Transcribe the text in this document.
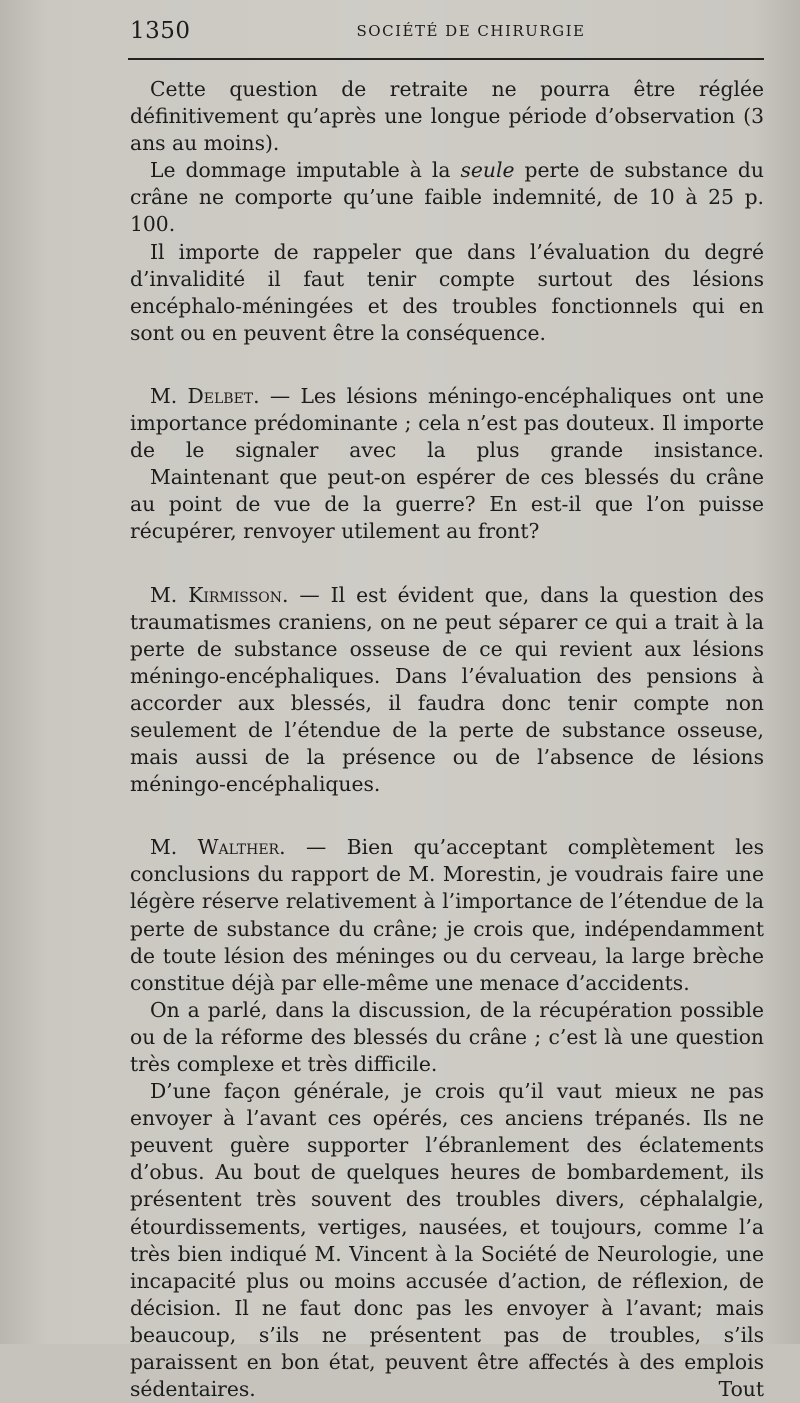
1350	SOCIÉTÉ DE CHIRURGIE

Cette question de retraite ne pourra être réglée définitivement qu’après une longue période d’observation (3 ans au moins).

Le dommage imputable à la seule perte de substance du crâne ne comporte qu’une faible indemnité, de 10 à 25 p. 100.

Il importe de rappeler que dans l’évaluation du degré d’invalidité il faut tenir compte surtout des lésions encéphalo-méningées et des troubles fonctionnels qui en sont ou en peuvent être la conséquence.

M. Delbet. — Les lésions méningo-encéphaliques ont une importance prédominante ; cela n’est pas douteux. Il importe de le signaler avec la plus grande insistance.

Maintenant que peut-on espérer de ces blessés du crâne au point de vue de la guerre? En est-il que l’on puisse récupérer, renvoyer utilement au front?

M. Kirmisson. — Il est évident que, dans la question des traumatismes craniens, on ne peut séparer ce qui a trait à la perte de substance osseuse de ce qui revient aux lésions méningo-encéphaliques. Dans l’évaluation des pensions à accorder aux blessés, il faudra donc tenir compte non seulement de l’étendue de la perte de substance osseuse, mais aussi de la présence ou de l’absence de lésions méningo-encéphaliques.

M. Walther. — Bien qu’acceptant complètement les conclusions du rapport de M. Morestin, je voudrais faire une légère réserve relativement à l’importance de l’étendue de la perte de substance du crâne; je crois que, indépendamment de toute lésion des méninges ou du cerveau, la large brèche constitue déjà par elle-même une menace d’accidents.

On a parlé, dans la discussion, de la récupération possible ou de la réforme des blessés du crâne ; c’est là une question très complexe et très difficile.

D’une façon générale, je crois qu’il vaut mieux ne pas envoyer à l’avant ces opérés, ces anciens trépanés. Ils ne peuvent guère supporter l’ébranlement des éclatements d’obus. Au bout de quelques heures de bombardement, ils présentent très souvent des troubles divers, céphalalgie, étourdissements, vertiges, nausées, et toujours, comme l’a très bien indiqué M. Vincent à la Société de Neurologie, une incapacité plus ou moins accusée d’action, de réflexion, de décision. Il ne faut donc pas les envoyer à l’avant; mais beaucoup, s’ils ne présentent pas de troubles, s’ils paraissent en bon état, peuvent être affectés à des emplois sédentaires. Tout
